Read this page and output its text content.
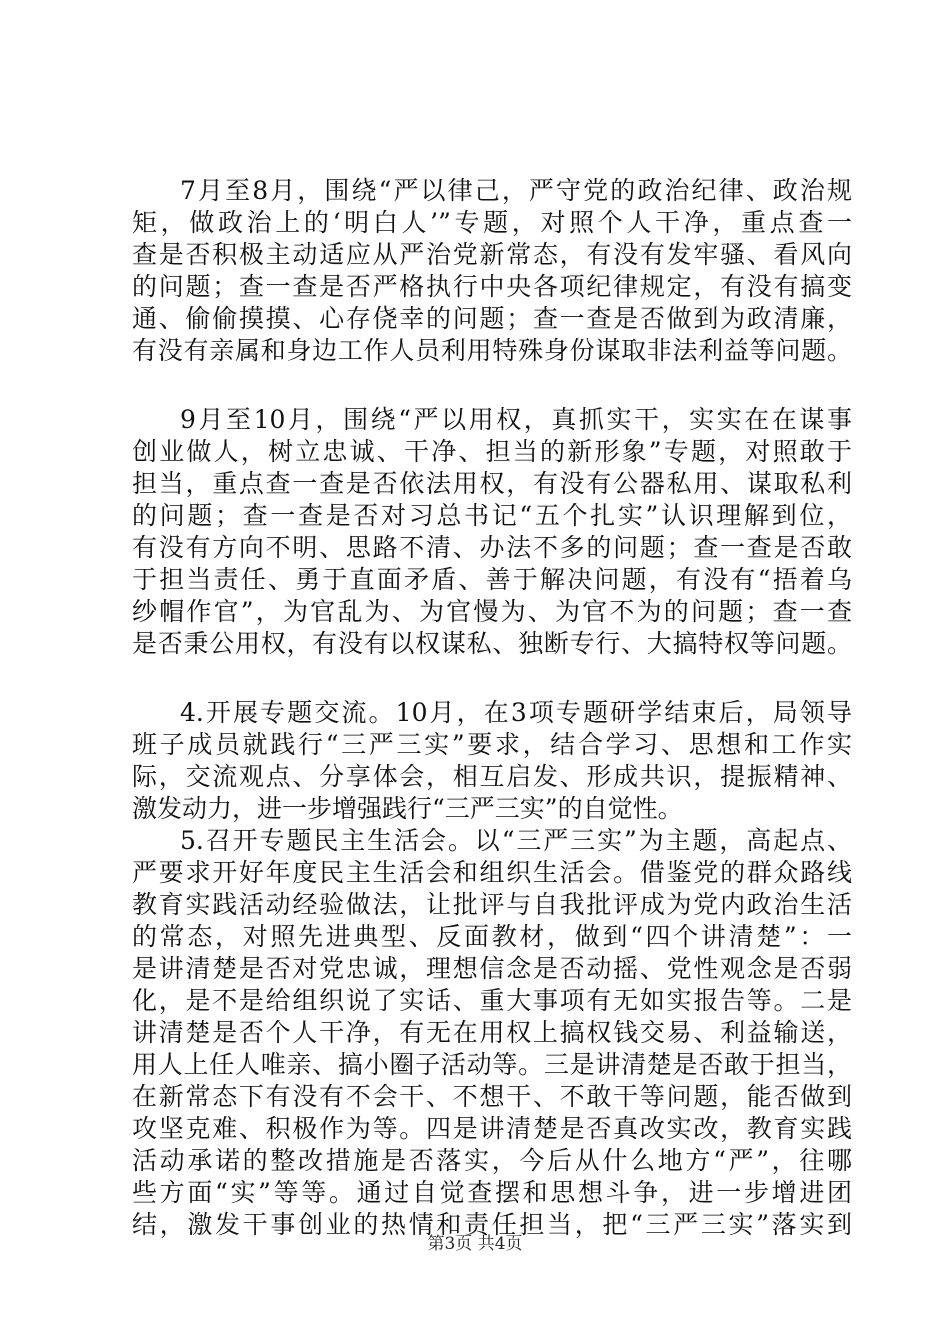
7月至8月，围绕“严以律己，严守党的政治纪律、政治规
矩，做政治上的‘明白人’”专题，对照个人干净，重点查一
查是否积极主动适应从严治党新常态，有没有发牢骚、看风向
的问题；查一查是否严格执行中央各项纪律规定，有没有搞变
通、偷偷摸摸、心存侥幸的问题；查一查是否做到为政清廉，
有没有亲属和身边工作人员利用特殊身份谋取非法利益等问题。
9月至10月，围绕“严以用权，真抓实干，实实在在谋事
创业做人，树立忠诚、干净、担当的新形象”专题，对照敢于
担当，重点查一查是否依法用权，有没有公器私用、谋取私利
的问题；查一查是否对习总书记“五个扎实”认识理解到位，
有没有方向不明、思路不清、办法不多的问题；查一查是否敢
于担当责任、勇于直面矛盾、善于解决问题，有没有“捂着乌
纱帽作官”，为官乱为、为官慢为、为官不为的问题；查一查
是否秉公用权，有没有以权谋私、独断专行、大搞特权等问题。
4.开展专题交流。10月，在3项专题研学结束后，局领导
班子成员就践行“三严三实”要求，结合学习、思想和工作实
际，交流观点、分享体会，相互启发、形成共识，提振精神、
激发动力，进一步增强践行“三严三实”的自觉性。
5.召开专题民主生活会。以“三严三实”为主题，高起点、
严要求开好年度民主生活会和组织生活会。借鉴党的群众路线
教育实践活动经验做法，让批评与自我批评成为党内政治生活
的常态，对照先进典型、反面教材，做到“四个讲清楚”：一
是讲清楚是否对党忠诚，理想信念是否动摇、党性观念是否弱
化，是不是给组织说了实话、重大事项有无如实报告等。二是
讲清楚是否个人干净，有无在用权上搞权钱交易、利益输送，
用人上任人唯亲、搞小圈子活动等。三是讲清楚是否敢于担当，
在新常态下有没有不会干、不想干、不敢干等问题，能否做到
攻坚克难、积极作为等。四是讲清楚是否真改实改，教育实践
活动承诺的整改措施是否落实，今后从什么地方“严”，往哪
些方面“实”等等。通过自觉查摆和思想斗争，进一步增进团
结，激发干事创业的热情和责任担当，把“三严三实”落实到
第3页 共4页
